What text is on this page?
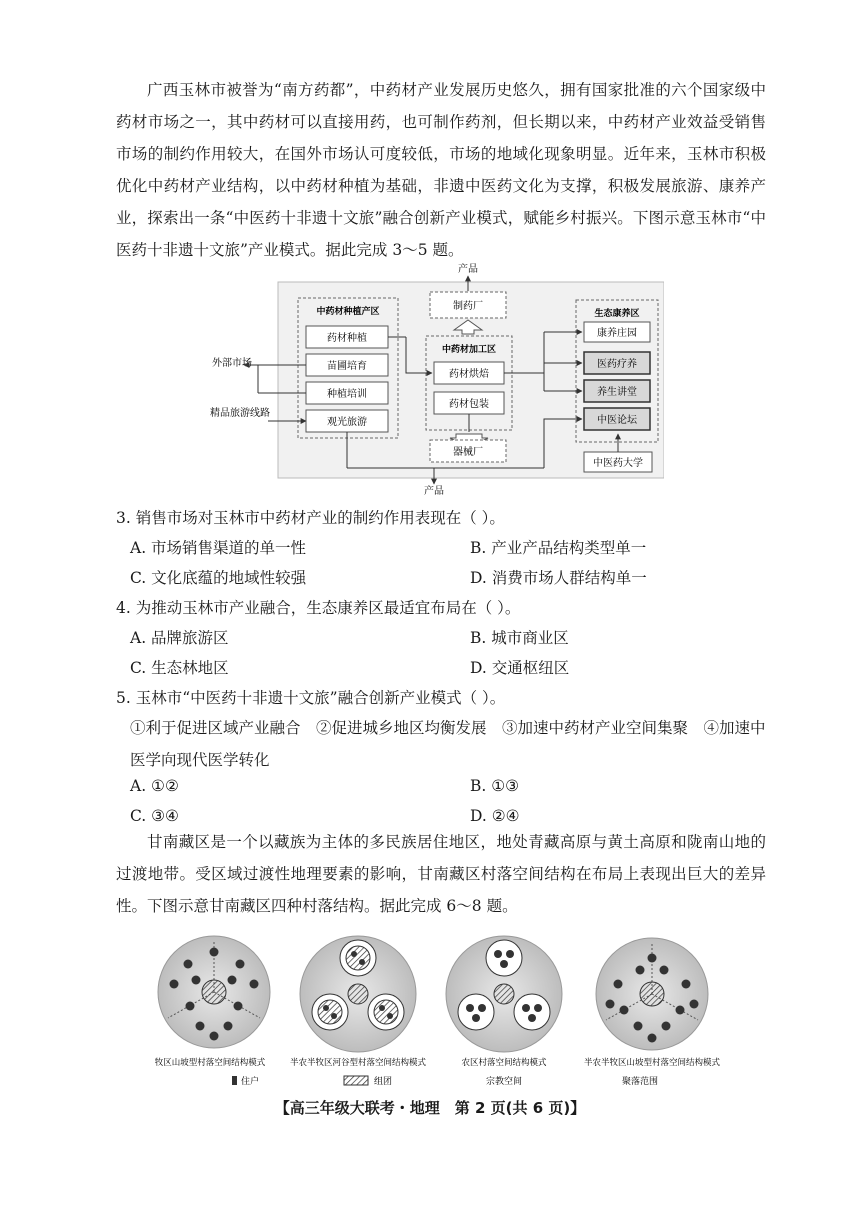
广西玉林市被誉为“南方药都”，中药材产业发展历史悠久，拥有国家批准的六个国家级中药材市场之一，其中药材可以直接用药，也可制作药剂，但长期以来，中药材产业效益受销售市场的制约作用较大，在国外市场认可度较低，市场的地域化现象明显。近年来，玉林市积极优化中药材产业结构，以中药材种植为基础，非遗中医药文化为支撑，积极发展旅游、康养产业，探索出一条“中医药十非遗十文旅”融合创新产业模式，赋能乡村振兴。下图示意玉林市“中医药十非遗十文旅”产业模式。据此完成 3～5 题。

产品
产品
外部市场
精品旅游线路
中药材种植产区
药材种植
苗圃培育
种植培训
观光旅游
制药厂
中药材加工区
药材烘焙
药材包装
器械厂
生态康养区
康养庄园
医药疗养
养生讲堂
中医论坛
中医药大学

3. 销售市场对玉林市中药材产业的制约作用表现在（ ）。

A. 市场销售渠道的单一性	B. 产业产品结构类型单一

C. 文化底蕴的地域性较强	D. 消费市场人群结构单一

4. 为推动玉林市产业融合，生态康养区最适宜布局在（ ）。

A. 品牌旅游区	B. 城市商业区

C. 生态林地区	D. 交通枢纽区

5. 玉林市“中医药十非遗十文旅”融合创新产业模式（ ）。

①利于促进区域产业融合　②促进城乡地区均衡发展　③加速中药材产业空间集聚　④加速中医学向现代医学转化

A. ①②	B. ①③

C. ③④	D. ②④

甘南藏区是一个以藏族为主体的多民族居住地区，地处青藏高原与黄土高原和陇南山地的过渡地带。受区域过渡性地理要素的影响，甘南藏区村落空间结构在布局上表现出巨大的差异性。下图示意甘南藏区四种村落结构。据此完成 6～8 题。

牧区山坡型村落空间结构模式	半农半牧区河谷型村落空间结构模式	农区村落空间结构模式	半农半牧区山坡型村落空间结构模式
住户	组团	宗教空间	聚落范围
【高三年级大联考・地理　第 2 页(共 6 页)】
